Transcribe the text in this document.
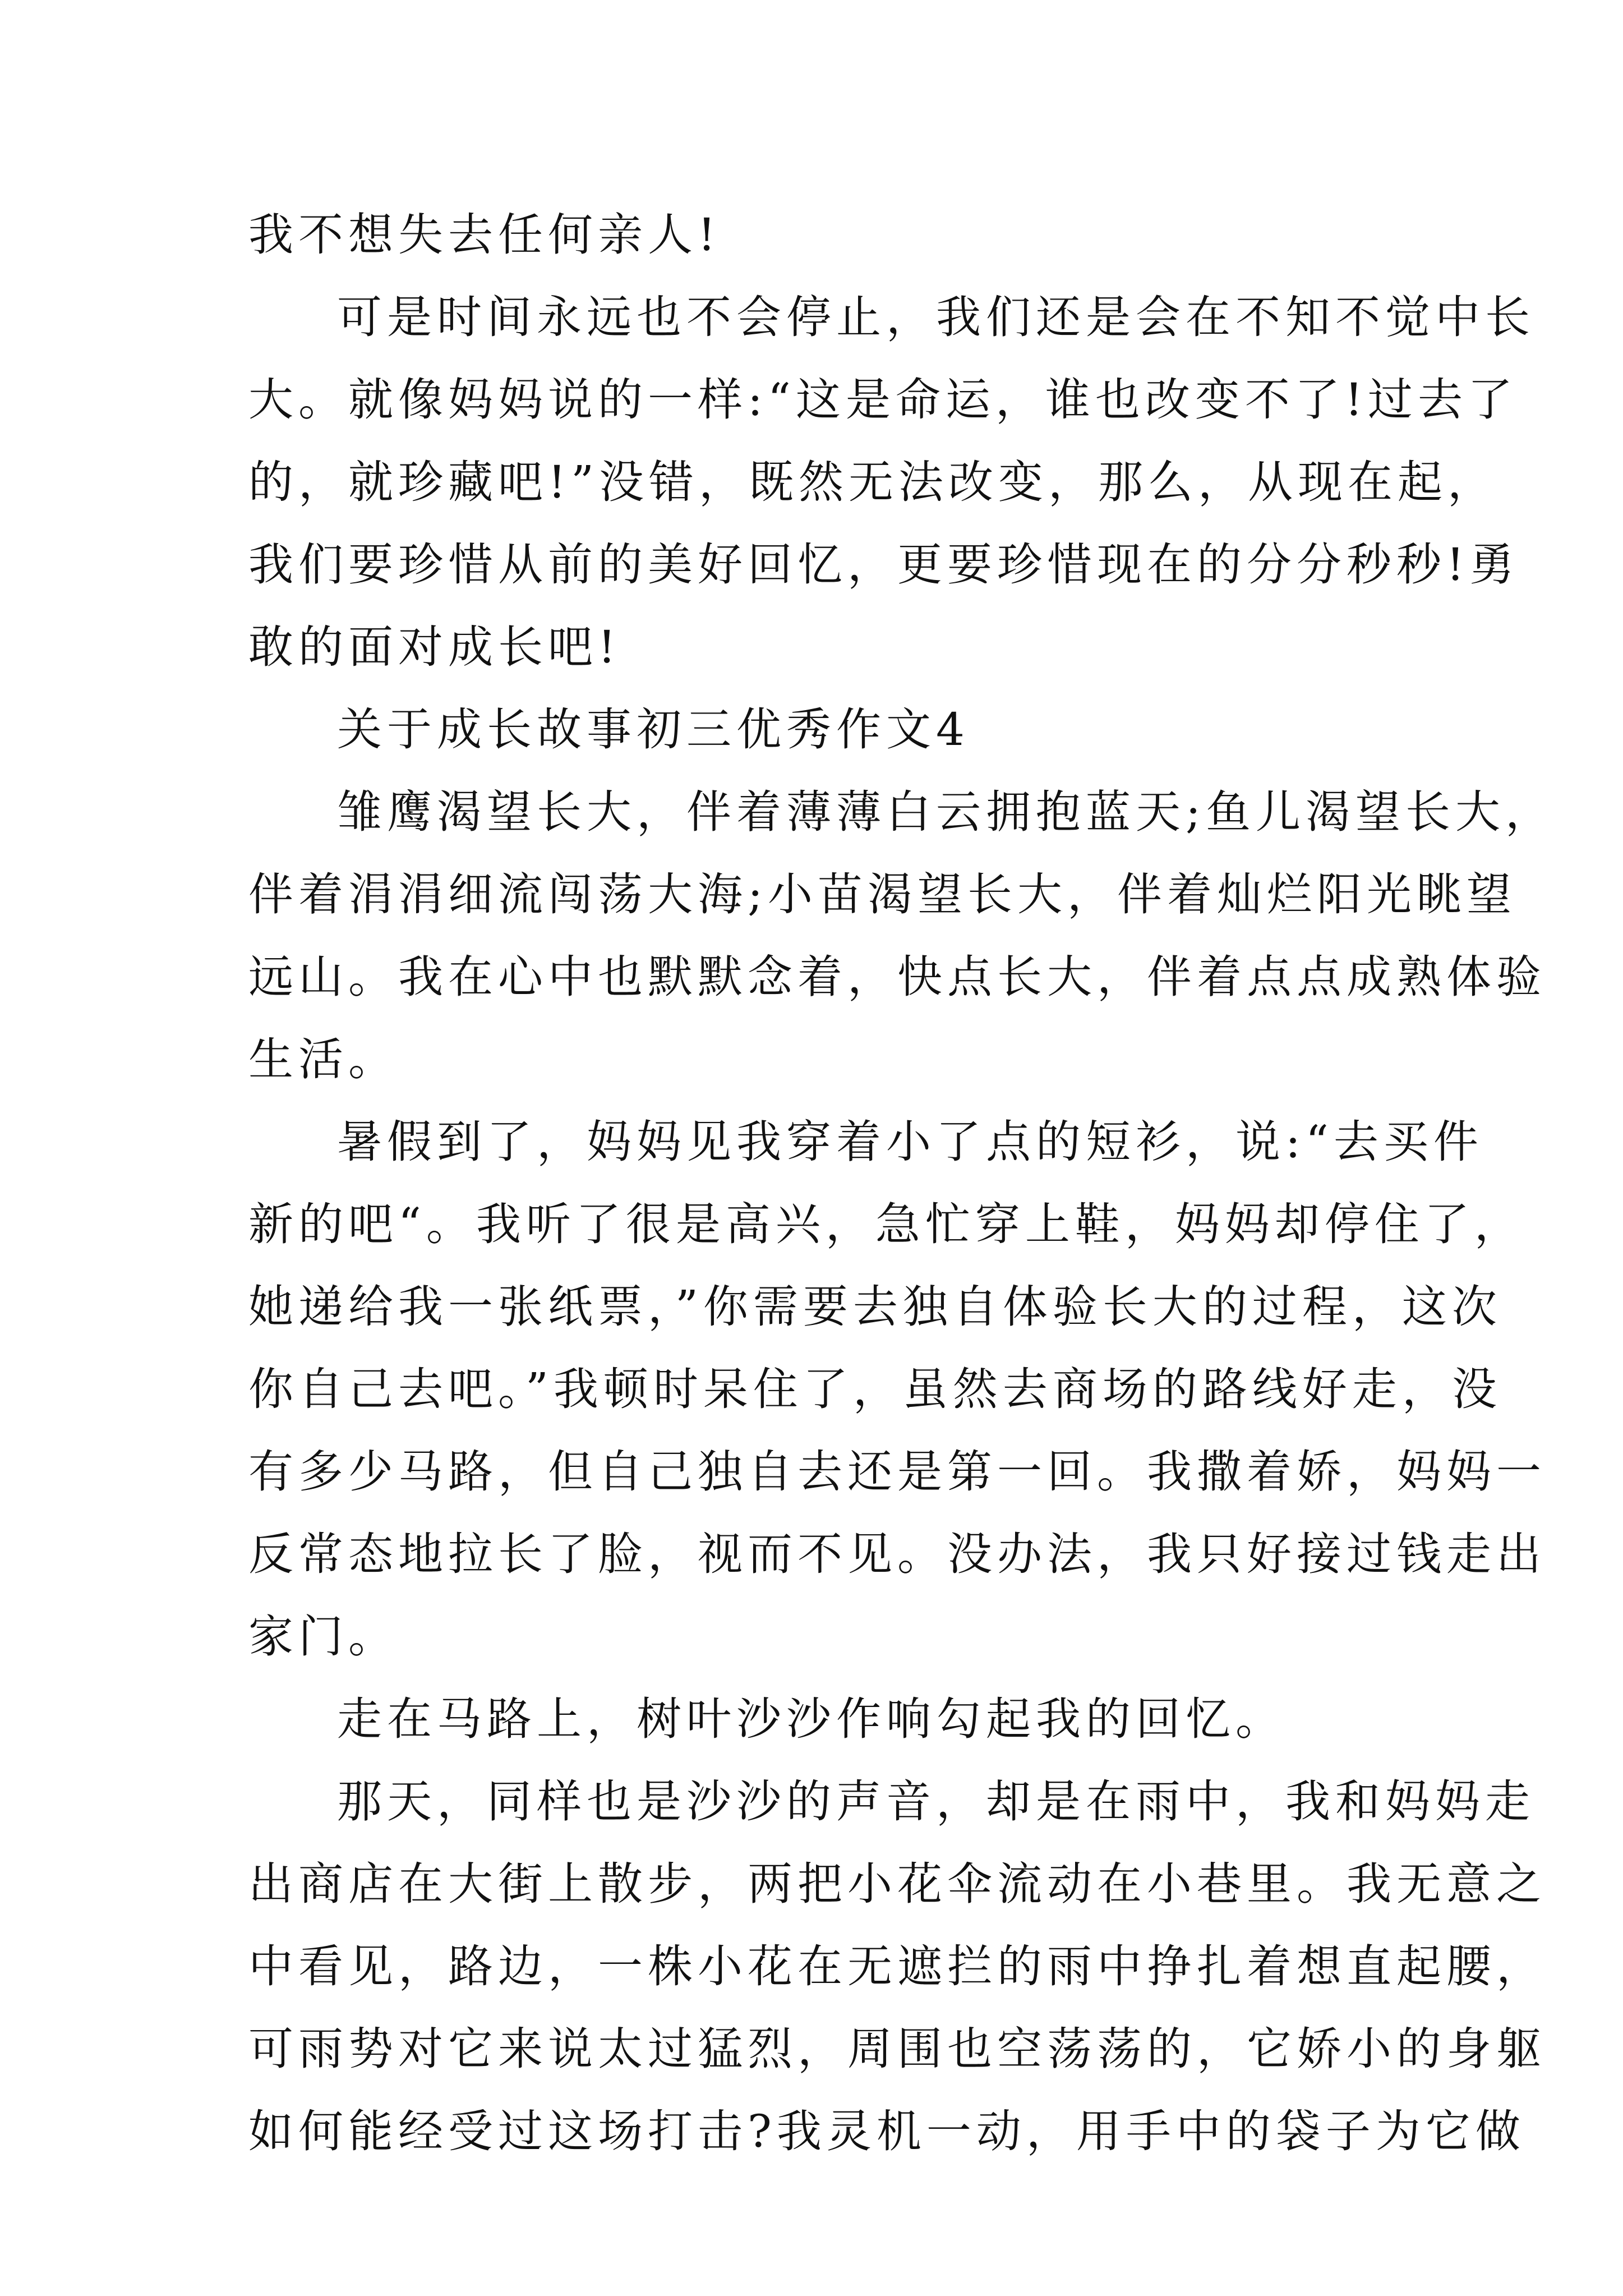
我不想失去任何亲人!
可是时间永远也不会停止，我们还是会在不知不觉中长
大。就像妈妈说的一样:“这是命运，谁也改变不了!过去了
的，就珍藏吧!”没错，既然无法改变，那么，从现在起，
我们要珍惜从前的美好回忆，更要珍惜现在的分分秒秒!勇
敢的面对成长吧!
关于成长故事初三优秀作文4
雏鹰渴望长大，伴着薄薄白云拥抱蓝天;鱼儿渴望长大，
伴着涓涓细流闯荡大海;小苗渴望长大，伴着灿烂阳光眺望
远山。我在心中也默默念着，快点长大，伴着点点成熟体验
生活。
暑假到了，妈妈见我穿着小了点的短衫，说:“去买件
新的吧“。我听了很是高兴，急忙穿上鞋，妈妈却停住了，
她递给我一张纸票，”你需要去独自体验长大的过程，这次
你自己去吧。”我顿时呆住了，虽然去商场的路线好走，没
有多少马路，但自己独自去还是第一回。我撒着娇，妈妈一
反常态地拉长了脸，视而不见。没办法，我只好接过钱走出
家门。
走在马路上，树叶沙沙作响勾起我的回忆。
那天，同样也是沙沙的声音，却是在雨中，我和妈妈走
出商店在大街上散步，两把小花伞流动在小巷里。我无意之
中看见，路边，一株小花在无遮拦的雨中挣扎着想直起腰，
可雨势对它来说太过猛烈，周围也空荡荡的，它娇小的身躯
如何能经受过这场打击?我灵机一动，用手中的袋子为它做
